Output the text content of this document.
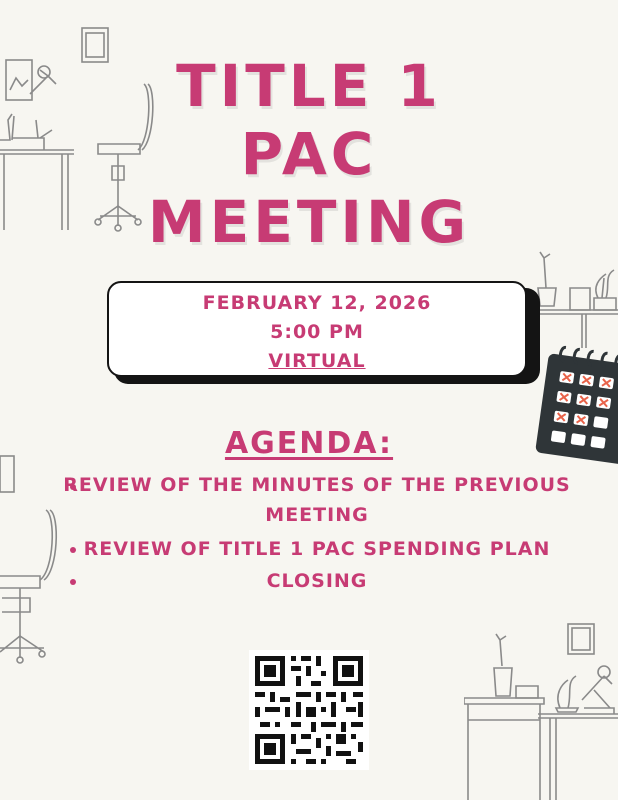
TITLE 1
PAC
MEETING
FEBRUARY 12, 2026
5:00 PM
VIRTUAL
AGENDA:
REVIEW OF THE MINUTES OF THE PREVIOUS
MEETING
REVIEW OF TITLE 1 PAC SPENDING PLAN
CLOSING
